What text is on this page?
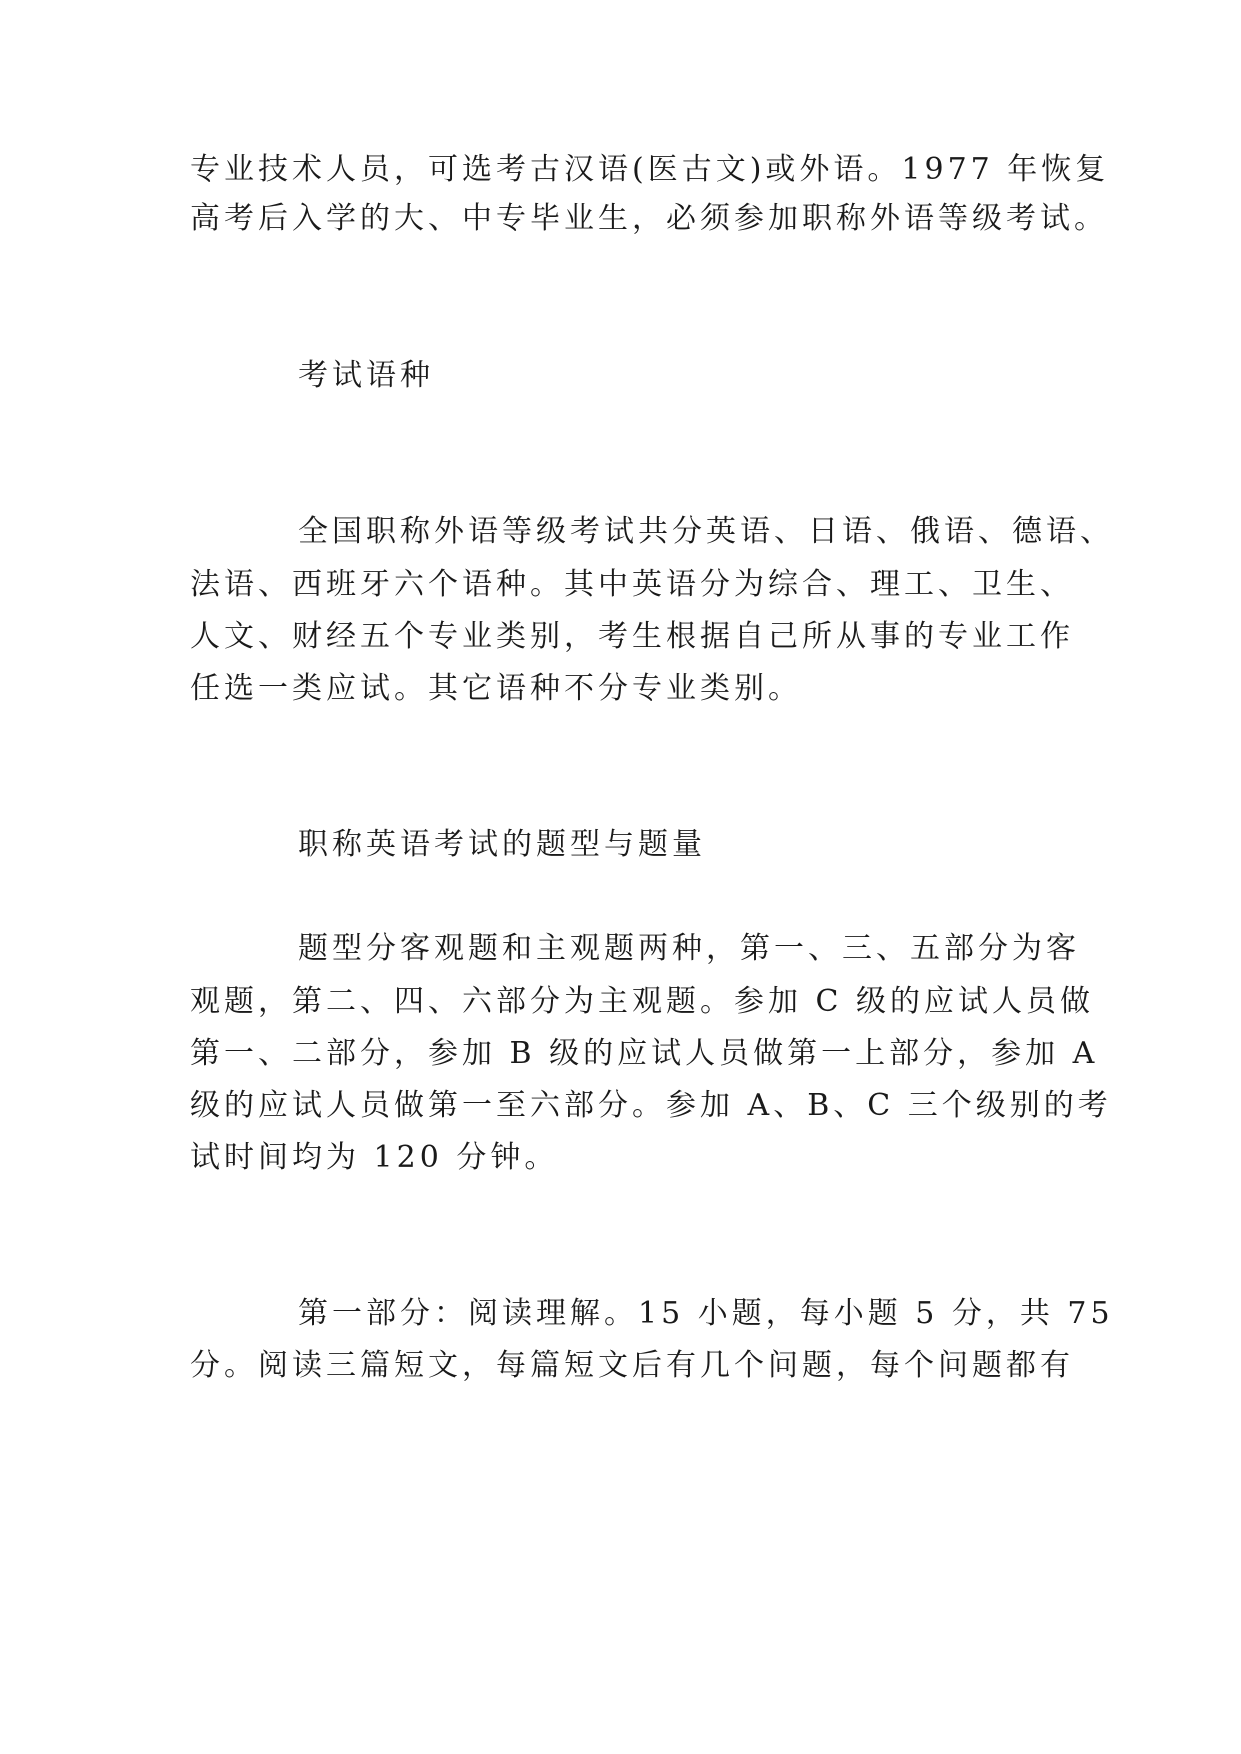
专业技术人员，可选考古汉语(医古文)或外语。1977 年恢复
高考后入学的大、中专毕业生，必须参加职称外语等级考试。
考试语种
全国职称外语等级考试共分英语、日语、俄语、德语、
法语、西班牙六个语种。其中英语分为综合、理工、卫生、
人文、财经五个专业类别，考生根据自己所从事的专业工作
任选一类应试。其它语种不分专业类别。
职称英语考试的题型与题量
题型分客观题和主观题两种，第一、三、五部分为客
观题，第二、四、六部分为主观题。参加 C 级的应试人员做
第一、二部分，参加 B 级的应试人员做第一上部分，参加 A
级的应试人员做第一至六部分。参加 A、B、C 三个级别的考
试时间均为 120 分钟。
第一部分：阅读理解。15 小题，每小题 5 分，共 75
分。阅读三篇短文，每篇短文后有几个问题，每个问题都有
